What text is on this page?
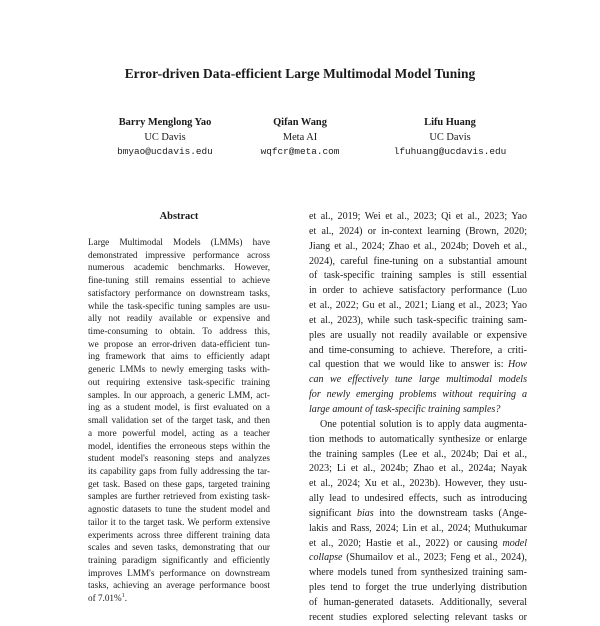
Error-driven Data-efficient Large Multimodal Model Tuning
Barry Menglong Yao
UC Davis
bmyao@ucdavis.edu
Qifan Wang
Meta AI
wqfcr@meta.com
Lifu Huang
UC Davis
lfuhuang@ucdavis.edu
Abstract
Large Multimodal Models (LMMs) have
demonstrated impressive performance across
numerous academic benchmarks. However,
fine-tuning still remains essential to achieve
satisfactory performance on downstream tasks,
while the task-specific tuning samples are usu-
ally not readily available or expensive and
time-consuming to obtain. To address this,
we propose an error-driven data-efficient tun-
ing framework that aims to efficiently adapt
generic LMMs to newly emerging tasks with-
out requiring extensive task-specific training
samples. In our approach, a generic LMM, act-
ing as a student model, is first evaluated on a
small validation set of the target task, and then
a more powerful model, acting as a teacher
model, identifies the erroneous steps within the
student model's reasoning steps and analyzes
its capability gaps from fully addressing the tar-
get task. Based on these gaps, targeted training
samples are further retrieved from existing task-
agnostic datasets to tune the student model and
tailor it to the target task. We perform extensive
experiments across three different training data
scales and seven tasks, demonstrating that our
training paradigm significantly and efficiently
improves LMM's performance on downstream
tasks, achieving an average performance boost
of 7.01%$^1$.
et al., 2019; Wei et al., 2023; Qi et al., 2023; Yao
et al., 2024) or in-context learning (Brown, 2020;
Jiang et al., 2024; Zhao et al., 2024b; Doveh et al.,
2024), careful fine-tuning on a substantial amount
of task-specific training samples is still essential
in order to achieve satisfactory performance (Luo
et al., 2022; Gu et al., 2021; Liang et al., 2023; Yao
et al., 2023), while such task-specific training sam-
ples are usually not readily available or expensive
and time-consuming to achieve. Therefore, a criti-
cal question that we would like to answer is: How
can we effectively tune large multimodal models
for newly emerging problems without requiring a
large amount of task-specific training samples?
One potential solution is to apply data augmenta-
tion methods to automatically synthesize or enlarge
the training samples (Lee et al., 2024b; Dai et al.,
2023; Li et al., 2024b; Zhao et al., 2024a; Nayak
et al., 2024; Xu et al., 2023b). However, they usu-
ally lead to undesired effects, such as introducing
significant bias into the downstream tasks (Ange-
lakis and Rass, 2024; Lin et al., 2024; Muthukumar
et al., 2020; Hastie et al., 2022) or causing model
collapse (Shumailov et al., 2023; Feng et al., 2024),
where models tuned from synthesized training sam-
ples tend to forget the true underlying distribution
of human-generated datasets. Additionally, several
recent studies explored selecting relevant tasks or
